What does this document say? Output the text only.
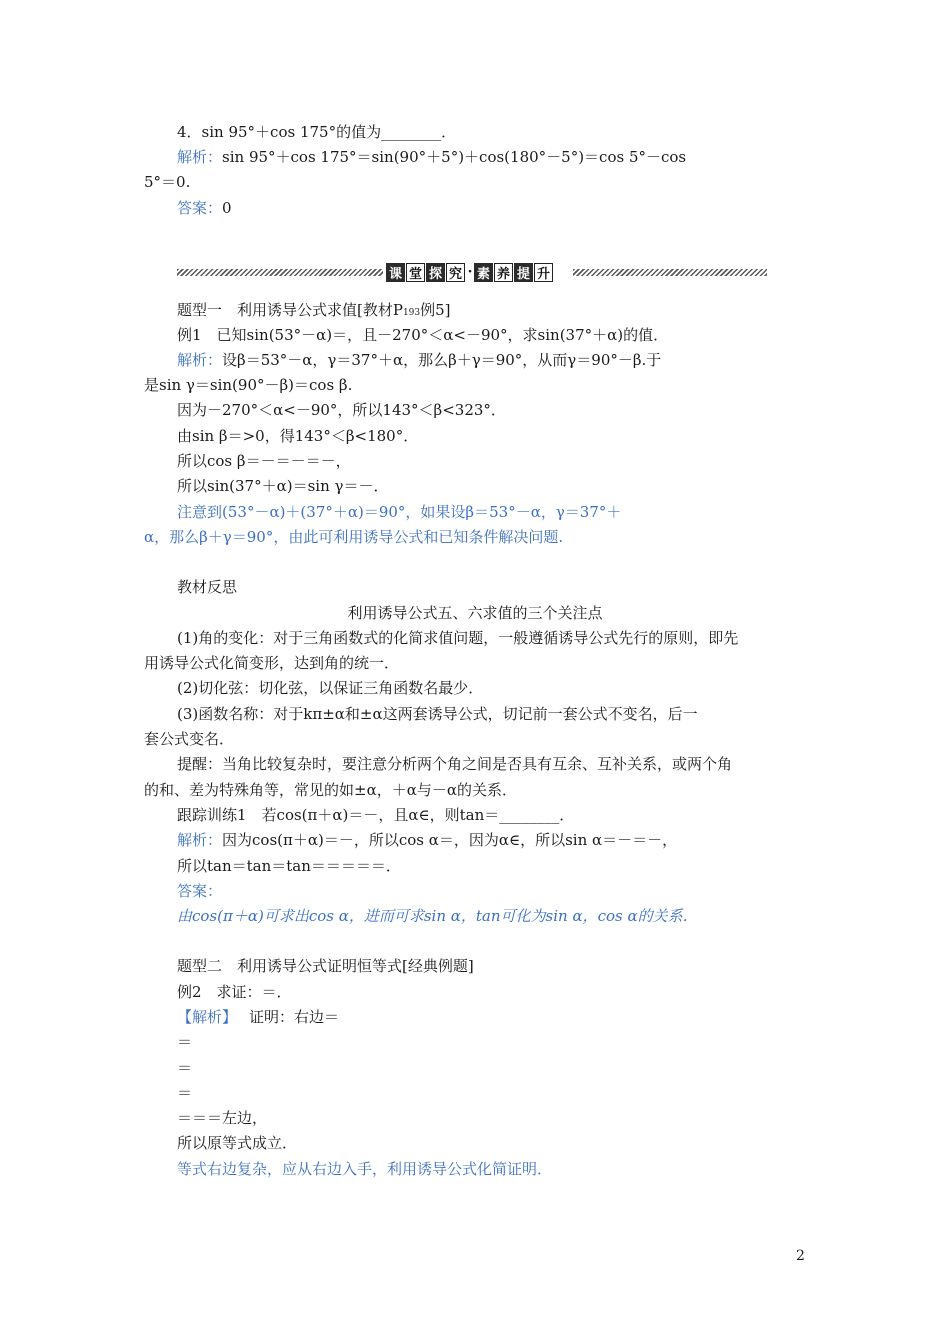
4．sin 95°＋cos 175°的值为________．
解析：sin 95°＋cos 175°＝sin(90°＋5°)＋cos(180°－5°)＝cos 5°－cos
5°＝0.
答案：0
课 堂 探 究 · 素 养 提 升
题型一　利用诱导公式求值[教材P193例5]
例1　已知sin(53°－α)＝，且－270°＜α<－90°，求sin(37°＋α)的值．
解析：设β＝53°－α，γ＝37°＋α，那么β＋γ＝90°，从而γ＝90°－β.于
是sin γ＝sin(90°－β)＝cos β.
因为－270°＜α<－90°，所以143°＜β<323°．
由sin β＝>0，得143°＜β<180°．
所以cos β＝－＝－＝－，
所以sin(37°＋α)＝sin γ＝－．
注意到(53°－α)＋(37°＋α)＝90°，如果设β＝53°－α，γ＝37°＋
α，那么β＋γ＝90°，由此可利用诱导公式和已知条件解决问题.
教材反思
利用诱导公式五、六求值的三个关注点
(1)角的变化：对于三角函数式的化简求值问题，一般遵循诱导公式先行的原则，即先
用诱导公式化简变形，达到角的统一．
(2)切化弦：切化弦，以保证三角函数名最少．
(3)函数名称：对于kπ±α和±α这两套诱导公式，切记前一套公式不变名，后一
套公式变名．
提醒：当角比较复杂时，要注意分析两个角之间是否具有互余、互补关系，或两个角
的和、差为特殊角等，常见的如±α，＋α与－α的关系．
跟踪训练1　若cos(π＋α)＝－，且α∈，则tan＝________．
解析：因为cos(π＋α)＝－，所以cos α＝，因为α∈，所以sin α＝－＝－，
所以tan＝tan＝tan＝＝＝＝＝．
答案：
由cos(π＋α)可求出cos α，进而可求sin α，tan可化为sin α，cos α的关系．
题型二　利用诱导公式证明恒等式[经典例题]
例2　求证：＝．
【解析】 证明：右边＝
＝
＝
＝
＝＝＝左边，
所以原等式成立．
等式右边复杂，应从右边入手，利用诱导公式化简证明．
2
